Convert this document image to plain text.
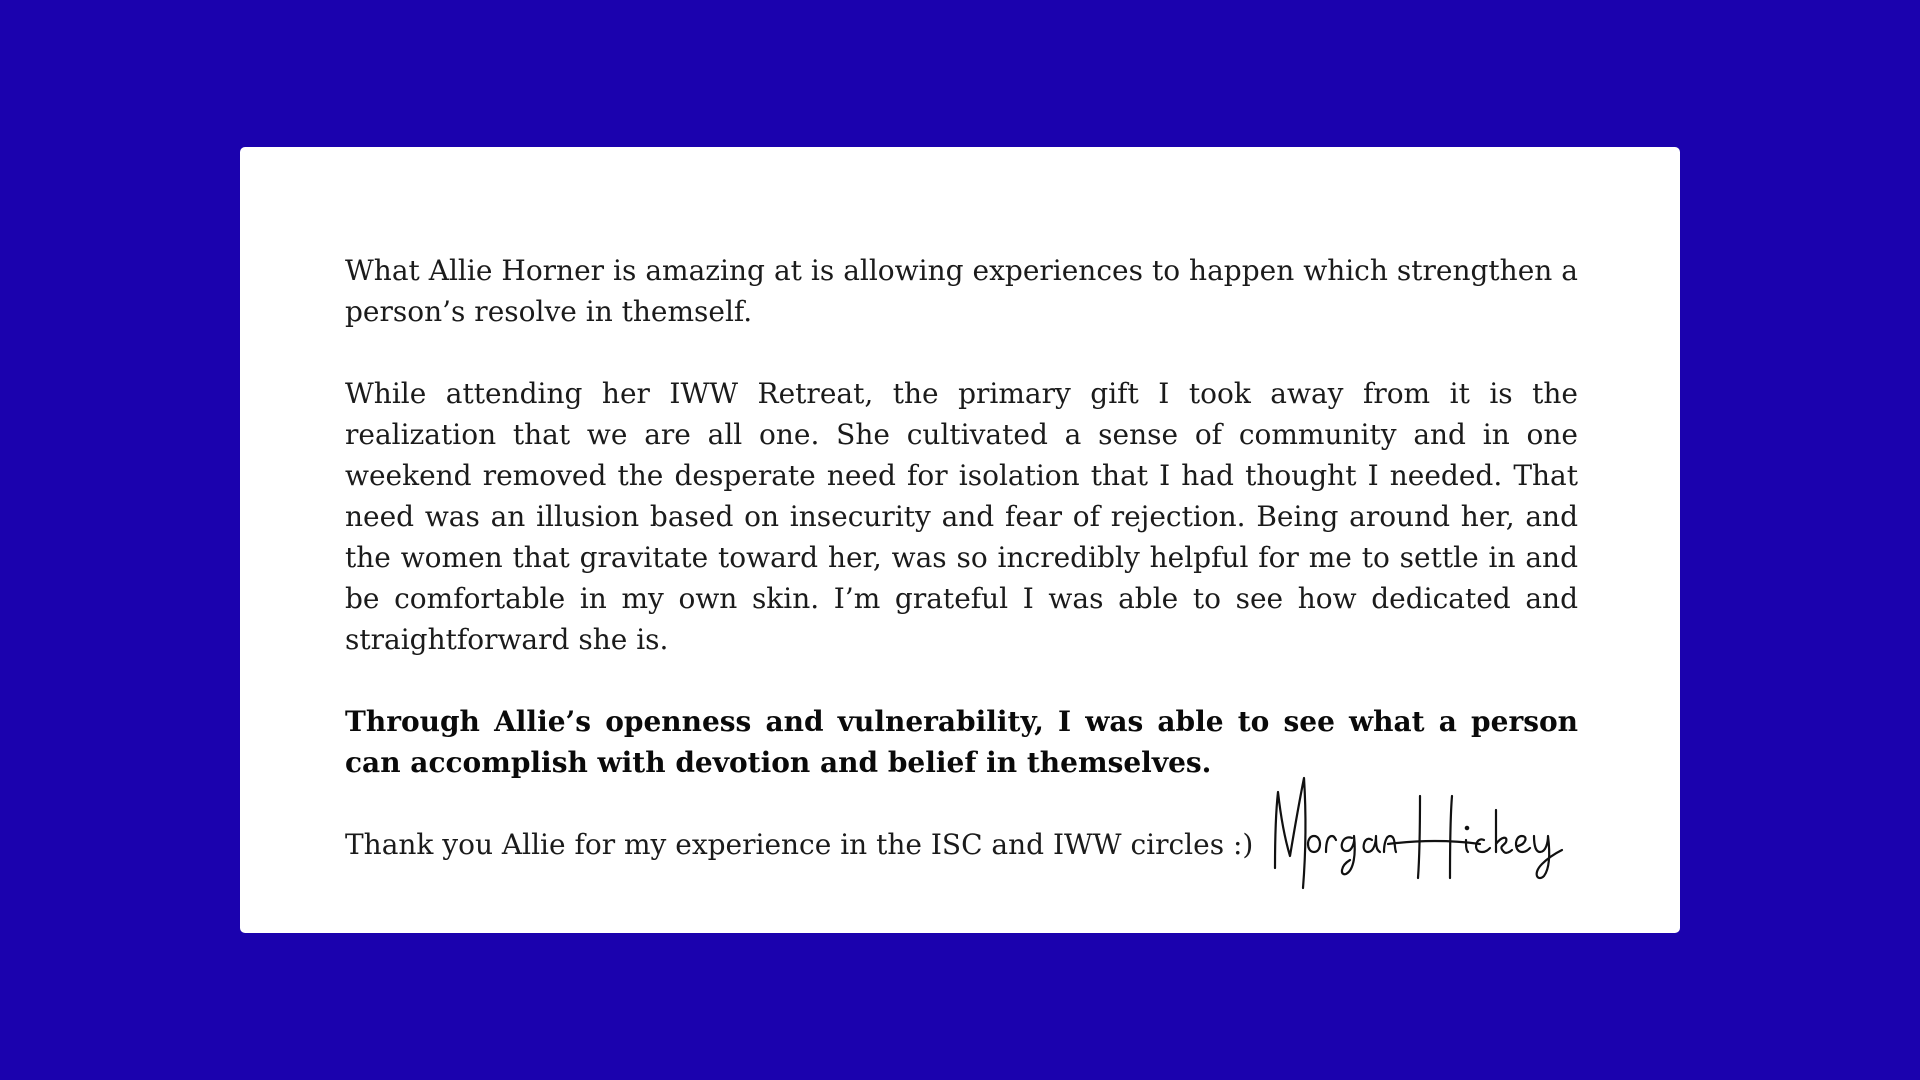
What Allie Horner is amazing at is allowing experiences to happen which strengthen a person’s resolve in themself.

While attending her IWW Retreat, the primary gift I took away from it is the realization that we are all one. She cultivated a sense of community and in one weekend removed the desperate need for isolation that I had thought I needed. That need was an illusion based on insecurity and fear of rejection. Being around her, and the women that gravitate toward her, was so incredibly helpful for me to settle in and be comfortable in my own skin. I’m grateful I was able to see how dedicated and straightforward she is.

Through Allie’s openness and vulnerability, I was able to see what a person can accomplish with devotion and belief in themselves.

Thank you Allie for my experience in the ISC and IWW circles :)
